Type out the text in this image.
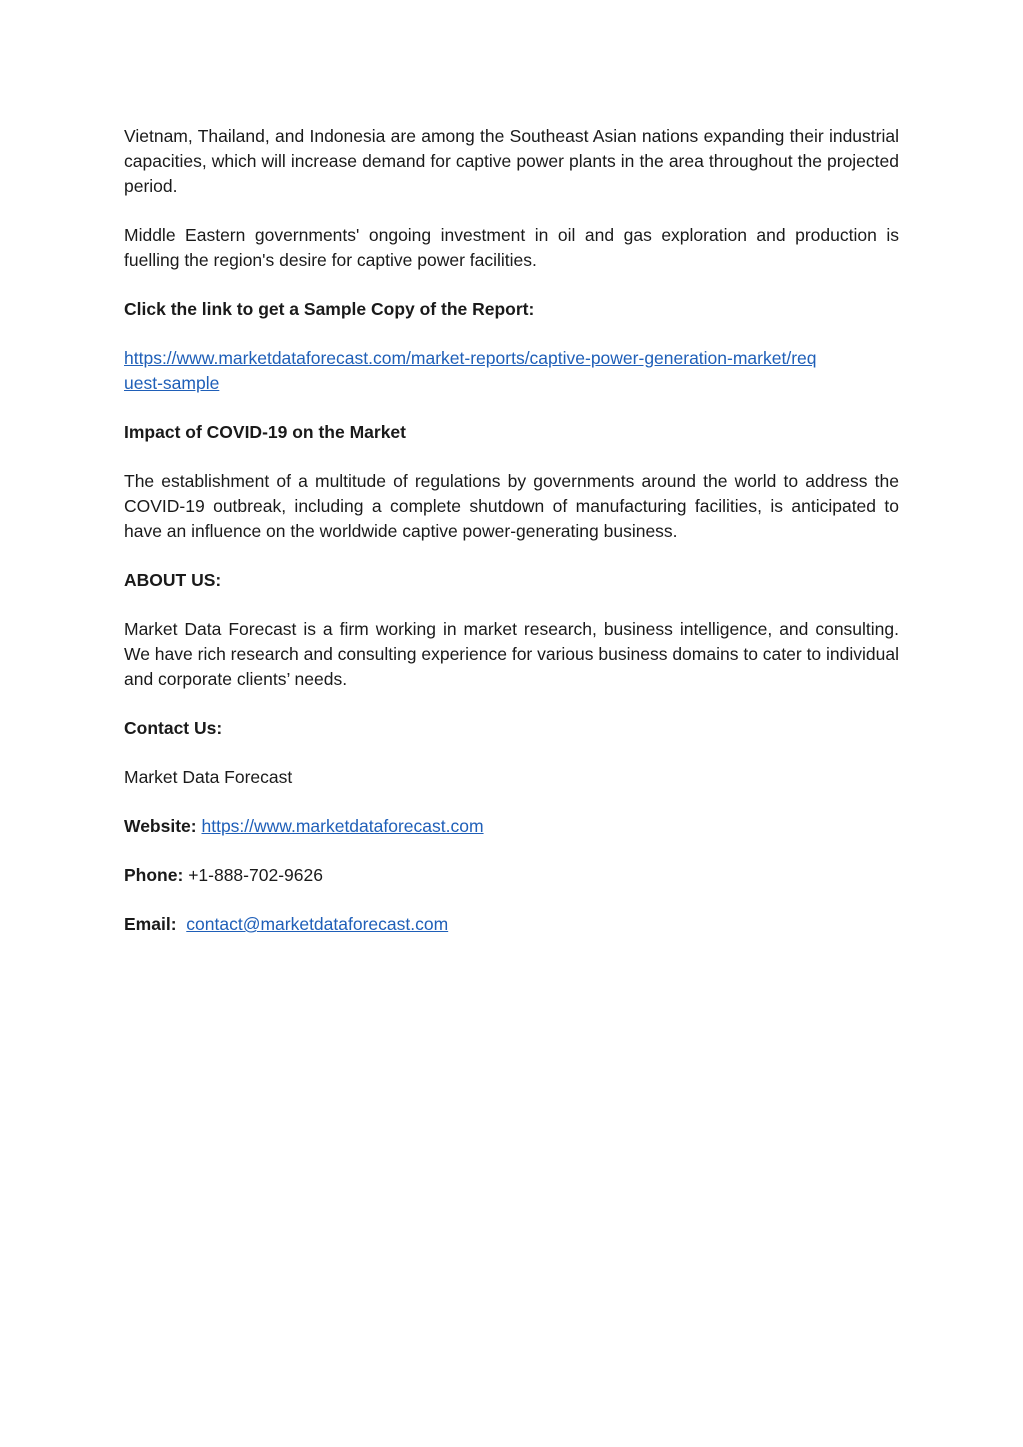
Vietnam, Thailand, and Indonesia are among the Southeast Asian nations expanding their industrial capacities, which will increase demand for captive power plants in the area throughout the projected period.

Middle Eastern governments' ongoing investment in oil and gas exploration and production is fuelling the region's desire for captive power facilities.

Click the link to get a Sample Copy of the Report:

https://www.marketdataforecast.com/market-reports/captive-power-generation-market/request-sample

Impact of COVID-19 on the Market

The establishment of a multitude of regulations by governments around the world to address the COVID-19 outbreak, including a complete shutdown of manufacturing facilities, is anticipated to have an influence on the worldwide captive power-generating business.

ABOUT US:

Market Data Forecast is a firm working in market research, business intelligence, and consulting. We have rich research and consulting experience for various business domains to cater to individual and corporate clients’ needs.

Contact Us:

Market Data Forecast

Website: https://www.marketdataforecast.com

Phone: +1-888-702-9626

Email: contact@marketdataforecast.com
